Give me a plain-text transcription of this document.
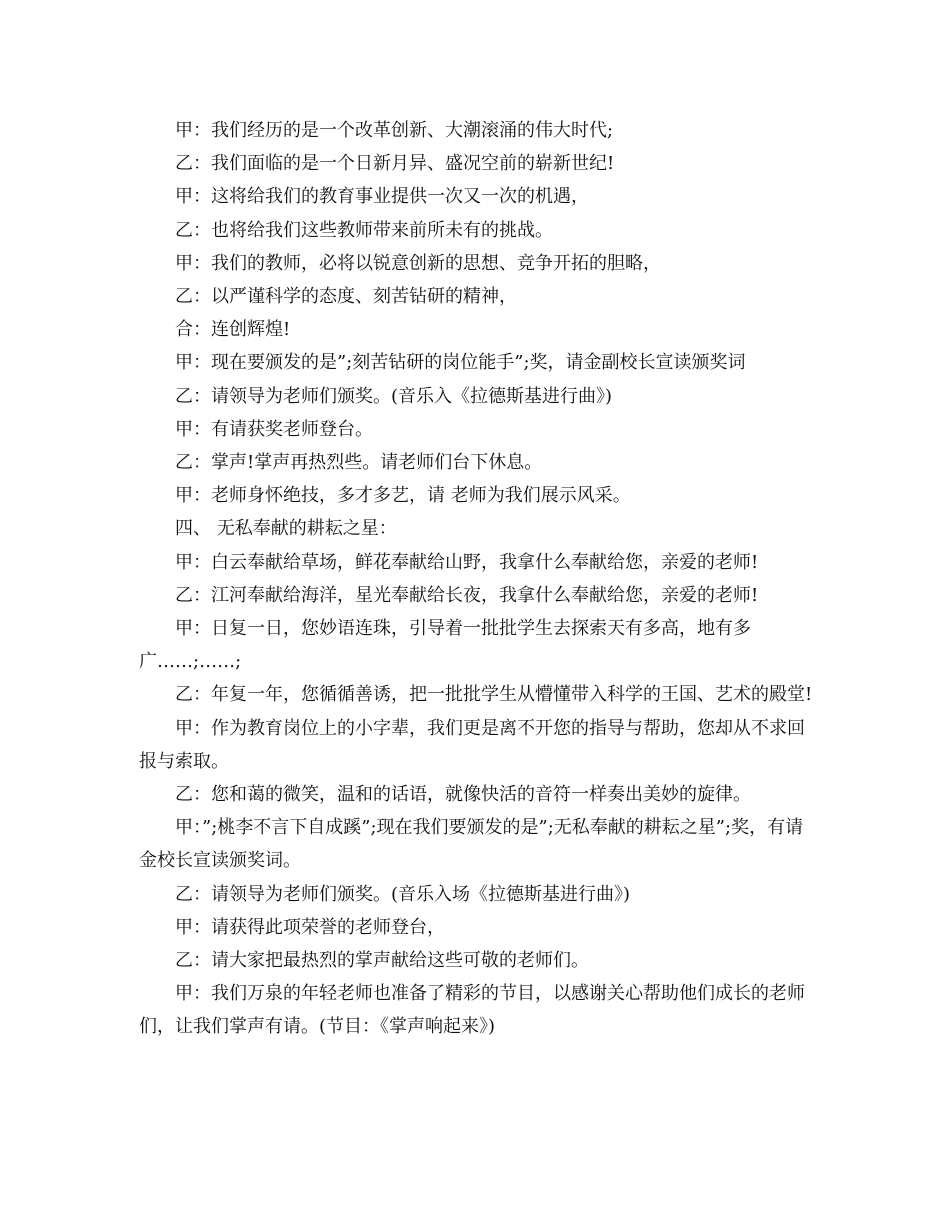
甲：我们经历的是一个改革创新、大潮滚涌的伟大时代;

乙：我们面临的是一个日新月异、盛况空前的崭新世纪!

甲：这将给我们的教育事业提供一次又一次的机遇，

乙：也将给我们这些教师带来前所未有的挑战。

甲：我们的教师，必将以锐意创新的思想、竞争开拓的胆略，

乙：以严谨科学的态度、刻苦钻研的精神，

合：连创辉煌!

甲：现在要颁发的是”;刻苦钻研的岗位能手”;奖，请金副校长宣读颁奖词

乙：请领导为老师们颁奖。(音乐入《拉德斯基进行曲》)

甲：有请获奖老师登台。

乙：掌声!掌声再热烈些。请老师们台下休息。

甲：老师身怀绝技，多才多艺，请 老师为我们展示风采。

四、 无私奉献的耕耘之星：

甲：白云奉献给草场，鲜花奉献给山野，我拿什么奉献给您，亲爱的老师!

乙：江河奉献给海洋，星光奉献给长夜，我拿什么奉献给您，亲爱的老师!

甲：日复一日，您妙语连珠，引导着一批批学生去探索天有多高，地有多广……;……;

乙：年复一年，您循循善诱，把一批批学生从懵懂带入科学的王国、艺术的殿堂!

甲：作为教育岗位上的小字辈，我们更是离不开您的指导与帮助，您却从不求回报与索取。

乙：您和蔼的微笑，温和的话语，就像快活的音符一样奏出美妙的旋律。

甲：”;桃李不言下自成蹊”;现在我们要颁发的是”;无私奉献的耕耘之星”;奖，有请金校长宣读颁奖词。

乙：请领导为老师们颁奖。(音乐入场《拉德斯基进行曲》)

甲：请获得此项荣誉的老师登台，

乙：请大家把最热烈的掌声献给这些可敬的老师们。

甲：我们万泉的年轻老师也准备了精彩的节目，以感谢关心帮助他们成长的老师们，让我们掌声有请。(节目：《掌声响起来》)
